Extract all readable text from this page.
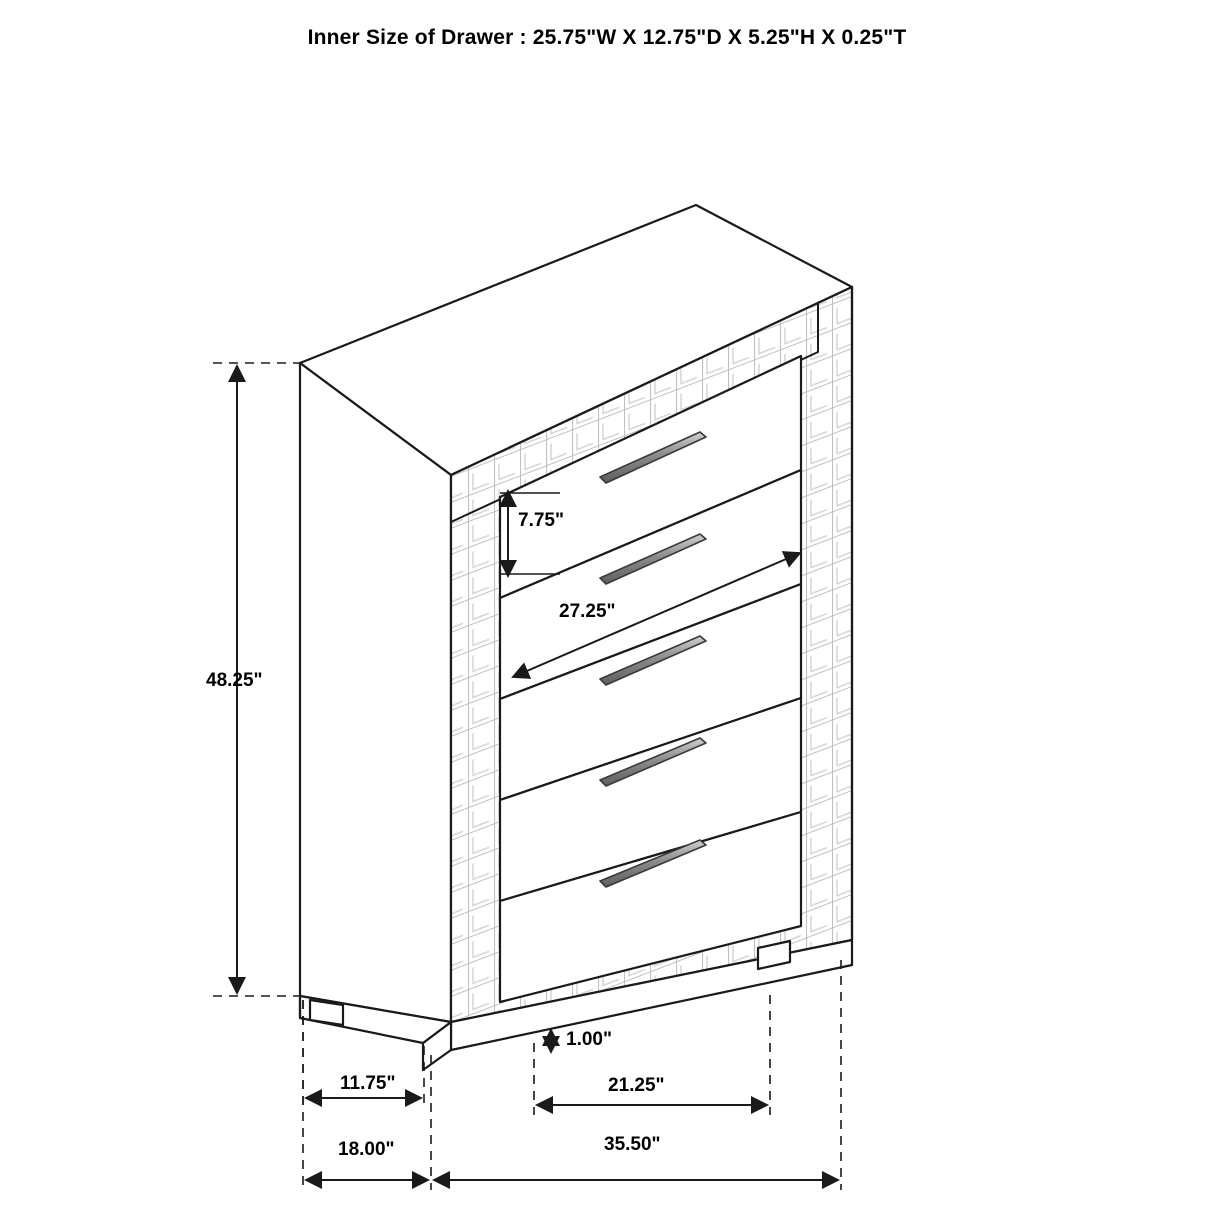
Inner Size of Drawer : 25.75"W X 12.75"D X 5.25"H X 0.25"T
48.25"
7.75"
27.25"
1.00"
11.75"	21.25"
18.00"	35.50"
